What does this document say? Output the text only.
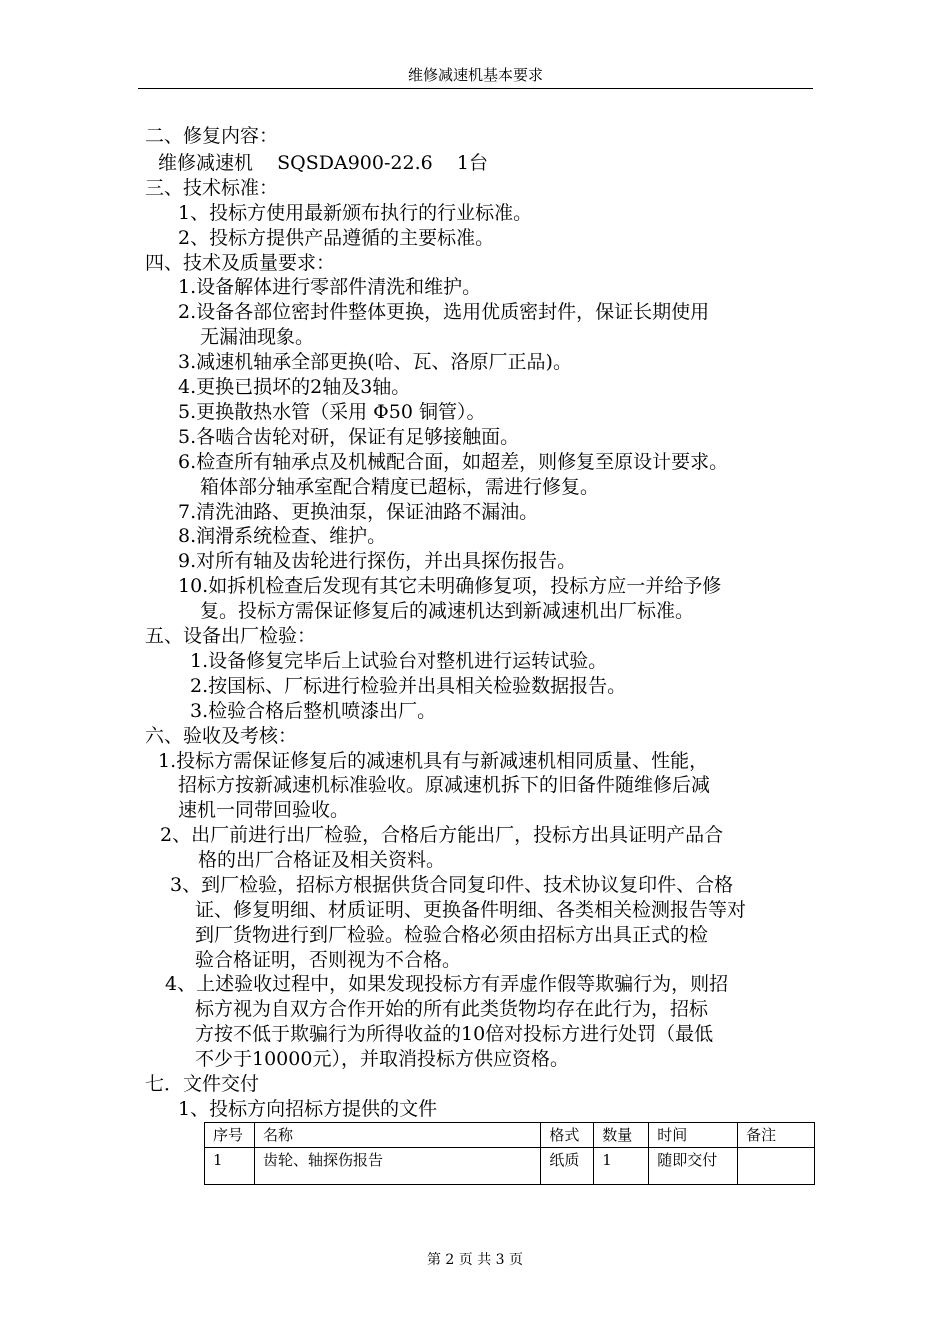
维修减速机基本要求
二、修复内容：
维修减速机    SQSDA900-22.6    1台
三、技术标准：
1、投标方使用最新颁布执行的行业标准。
2、投标方提供产品遵循的主要标准。
四、技术及质量要求：
1.设备解体进行零部件清洗和维护。
2.设备各部位密封件整体更换，选用优质密封件，保证长期使用
无漏油现象。
3.减速机轴承全部更换(哈、瓦、洛原厂正品)。
4.更换已损坏的2轴及3轴。
5.更换散热水管（采用 Φ50 铜管）。
5.各啮合齿轮对研，保证有足够接触面。
6.检查所有轴承点及机械配合面，如超差，则修复至原设计要求。
箱体部分轴承室配合精度已超标，需进行修复。
7.清洗油路、更换油泵，保证油路不漏油。
8.润滑系统检查、维护。
9.对所有轴及齿轮进行探伤，并出具探伤报告。
10.如拆机检查后发现有其它未明确修复项，投标方应一并给予修
复。投标方需保证修复后的减速机达到新减速机出厂标准。
五、设备出厂检验：
1.设备修复完毕后上试验台对整机进行运转试验。
2.按国标、厂标进行检验并出具相关检验数据报告。
3.检验合格后整机喷漆出厂。
六、验收及考核：
1.投标方需保证修复后的减速机具有与新减速机相同质量、性能，
招标方按新减速机标准验收。原减速机拆下的旧备件随维修后减
速机一同带回验收。
2、出厂前进行出厂检验，合格后方能出厂，投标方出具证明产品合
格的出厂合格证及相关资料。
3、到厂检验，招标方根据供货合同复印件、技术协议复印件、合格
证、修复明细、材质证明、更换备件明细、各类相关检测报告等对
到厂货物进行到厂检验。检验合格必须由招标方出具正式的检
验合格证明，否则视为不合格。
4、上述验收过程中，如果发现投标方有弄虚作假等欺骗行为，则招
标方视为自双方合作开始的所有此类货物均存在此行为，招标
方按不低于欺骗行为所得收益的10倍对投标方进行处罚（最低
不少于10000元），并取消投标方供应资格。
七．文件交付
1、投标方向招标方提供的文件
序号	名称	格式	数量	时间	备注
1	齿轮、轴探伤报告	纸质	1	随即交付	
第 2 页 共 3 页
